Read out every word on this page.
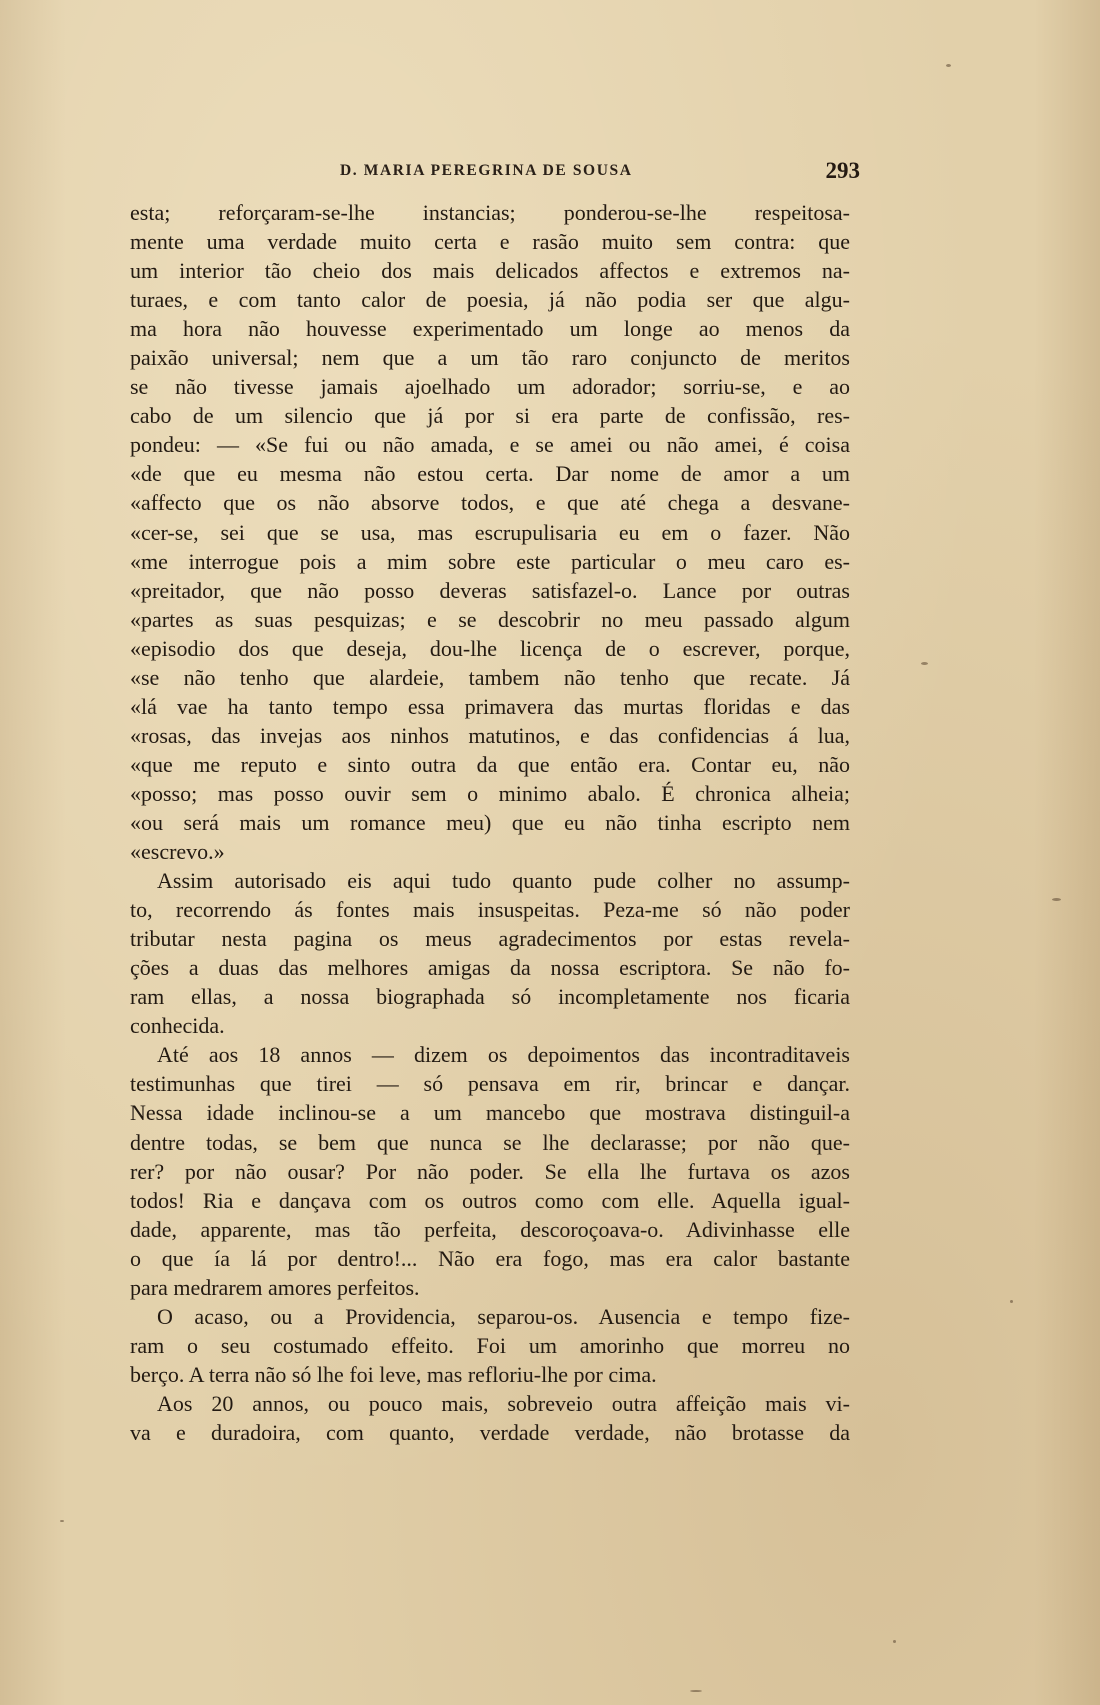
D. MARIA PEREGRINA DE SOUSA	293
esta; reforçaram-se-lhe instancias; ponderou-se-lhe respeitosa-
mente uma verdade muito certa e rasão muito sem contra: que
um interior tão cheio dos mais delicados affectos e extremos na-
turaes, e com tanto calor de poesia, já não podia ser que algu-
ma hora não houvesse experimentado um longe ao menos da
paixão universal; nem que a um tão raro conjuncto de meritos
se não tivesse jamais ajoelhado um adorador; sorriu-se, e ao
cabo de um silencio que já por si era parte de confissão, res-
pondeu: — «Se fui ou não amada, e se amei ou não amei, é coisa
«de que eu mesma não estou certa. Dar nome de amor a um
«affecto que os não absorve todos, e que até chega a desvane-
«cer-se, sei que se usa, mas escrupulisaria eu em o fazer. Não
«me interrogue pois a mim sobre este particular o meu caro es-
«preitador, que não posso deveras satisfazel-o. Lance por outras
«partes as suas pesquizas; e se descobrir no meu passado algum
«episodio dos que deseja, dou-lhe licença de o escrever, porque,
«se não tenho que alardeie, tambem não tenho que recate. Já
«lá vae ha tanto tempo essa primavera das murtas floridas e das
«rosas, das invejas aos ninhos matutinos, e das confidencias á lua,
«que me reputo e sinto outra da que então era. Contar eu, não
«posso; mas posso ouvir sem o minimo abalo. É chronica alheia;
«ou será mais um romance meu) que eu não tinha escripto nem
«escrevo.»
Assim autorisado eis aqui tudo quanto pude colher no assump-
to, recorrendo ás fontes mais insuspeitas. Peza-me só não poder
tributar nesta pagina os meus agradecimentos por estas revela-
ções a duas das melhores amigas da nossa escriptora. Se não fo-
ram ellas, a nossa biographada só incompletamente nos ficaria
conhecida.
Até aos 18 annos — dizem os depoimentos das incontraditaveis
testimunhas que tirei — só pensava em rir, brincar e dançar.
Nessa idade inclinou-se a um mancebo que mostrava distinguil-a
dentre todas, se bem que nunca se lhe declarasse; por não que-
rer? por não ousar? Por não poder. Se ella lhe furtava os azos
todos! Ria e dançava com os outros como com elle. Aquella igual-
dade, apparente, mas tão perfeita, descoroçoava-o. Adivinhasse elle
o que ía lá por dentro!... Não era fogo, mas era calor bastante
para medrarem amores perfeitos.
O acaso, ou a Providencia, separou-os. Ausencia e tempo fize-
ram o seu costumado effeito. Foi um amorinho que morreu no
berço. A terra não só lhe foi leve, mas refloriu-lhe por cima.
Aos 20 annos, ou pouco mais, sobreveio outra affeição mais vi-
va e duradoira, com quanto, verdade verdade, não brotasse da
